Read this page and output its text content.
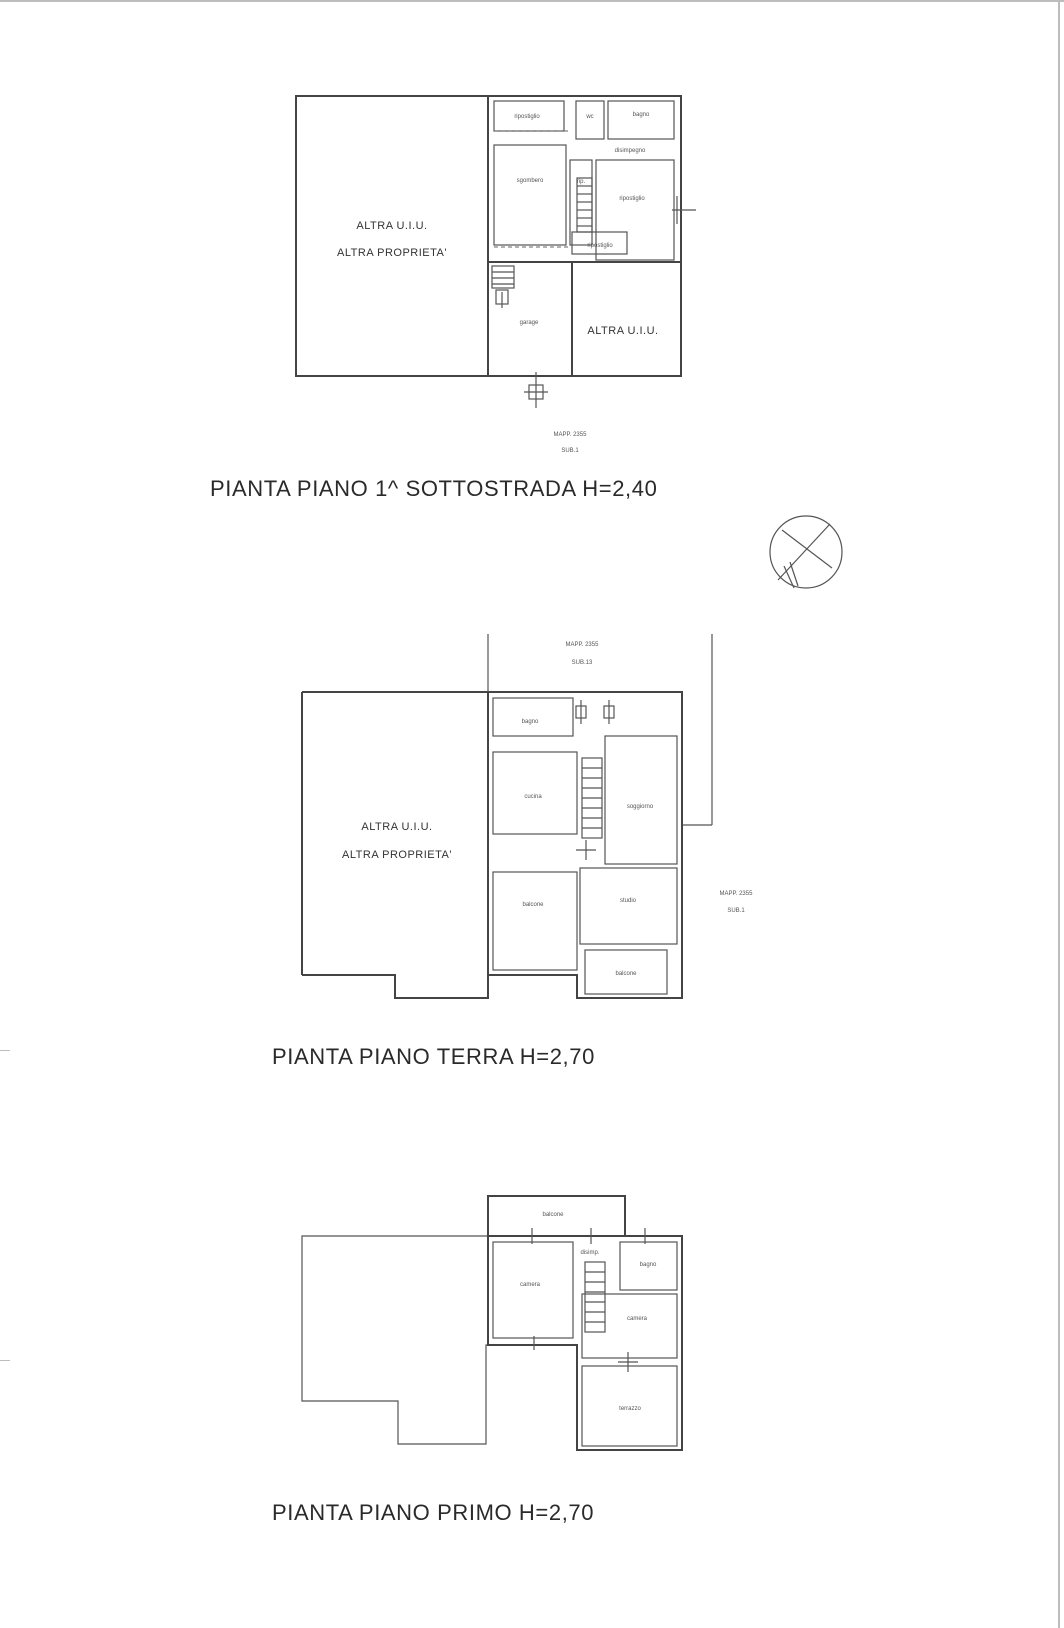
ALTRA U.I.U.
ALTRA PROPRIETA'
ALTRA U.I.U.
ripostiglio	wc	bagno
disimpegno
sgombero	rip.
ripostiglio
ripostiglio
garage
MAPP. 2355
SUB.1
ALTRA U.I.U.
ALTRA PROPRIETA'
MAPP. 2355
SUB.13
MAPP. 2355
SUB.1
bagno
cucina
soggiorno
balcone
studio
balcone
balcone
disimp.
camera
bagno
camera
terrazzo
PIANTA PIANO 1^ SOTTOSTRADA H=2,40
PIANTA PIANO TERRA H=2,70
PIANTA PIANO PRIMO H=2,70
